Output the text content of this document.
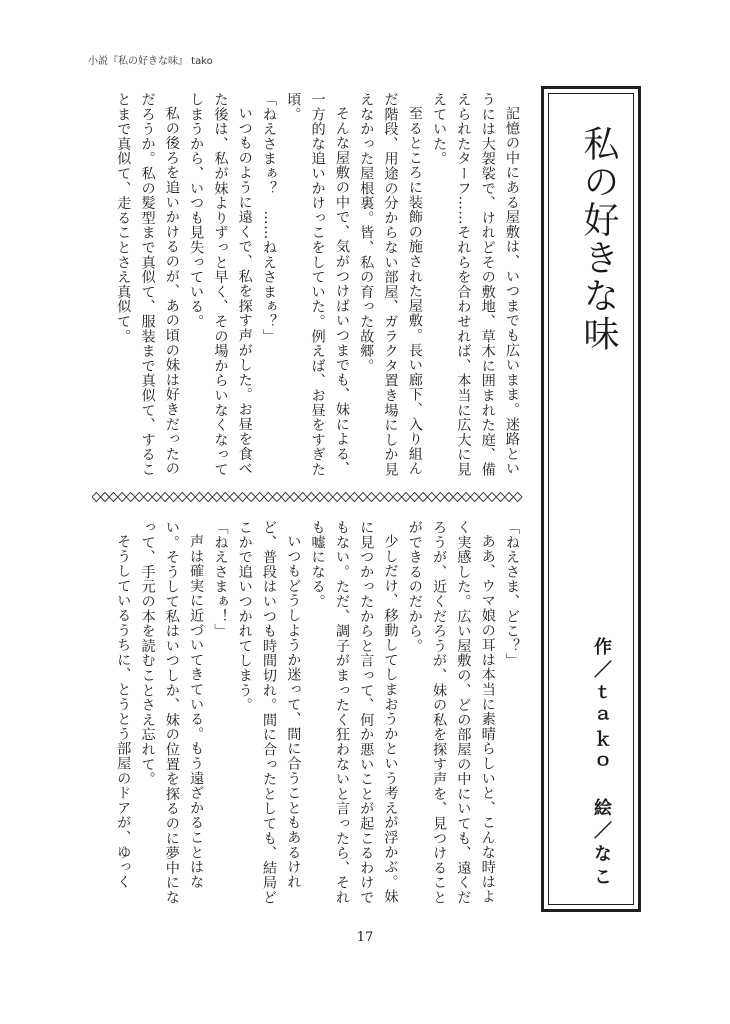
小説『私の好きな味』 tako

記憶の中にある屋敷は、いつまでも広いまま。迷路というには大袈裟で、けれどその敷地、草木に囲まれた庭、備えられたターフ……それらを合わせれば、本当に広大に見えていた。

至るところに装飾の施された屋敷。長い廊下、入り組んだ階段、用途の分からない部屋、ガラクタ置き場にしか見えなかった屋根裏。皆、私の育った故郷。

そんな屋敷の中で、気がつけばいつまでも、妹による、一方的な追いかけっこをしていた。例えば、お昼をすぎた頃。

「ねえさまぁ？　……ねえさまぁ？」

いつものように遠くで、私を探す声がした。お昼を食べた後は、私が妹よりずっと早く、その場からいなくなってしまうから、いつも見失っている。

私の後ろを追いかけるのが、あの頃の妹は好きだったのだろうか。私の髪型まで真似て、服装まで真似て、することまで真似て、走ることさえ真似て。

「ねえさま、どこ？」

ああ、ウマ娘の耳は本当に素晴らしいと、こんな時はよく実感した。広い屋敷の、どの部屋の中にいても、遠くだろうが、近くだろうが、妹の私を探す声を、見つけることができるのだから。

少しだけ、移動してしまおうかという考えが浮かぶ。妹に見つかったからと言って、何か悪いことが起こるわけでもない。ただ、調子がまったく狂わないと言ったら、それも嘘になる。

いつもどうしようか迷って、間に合うこともあるけれど、普段はいつも時間切れ。間に合ったとしても、結局どこかで追いつかれてしまう。

「ねえさまぁ！」

声は確実に近づいてきている。もう遠ざかることはない。そうして私はいつしか、妹の位置を探るのに夢中になって、手元の本を読むことさえ忘れて。

そうしているうちに、とうとう部屋のドアが、ゆっく

私の好きな味
作／ｔａｋｏ　絵／なこ
17
